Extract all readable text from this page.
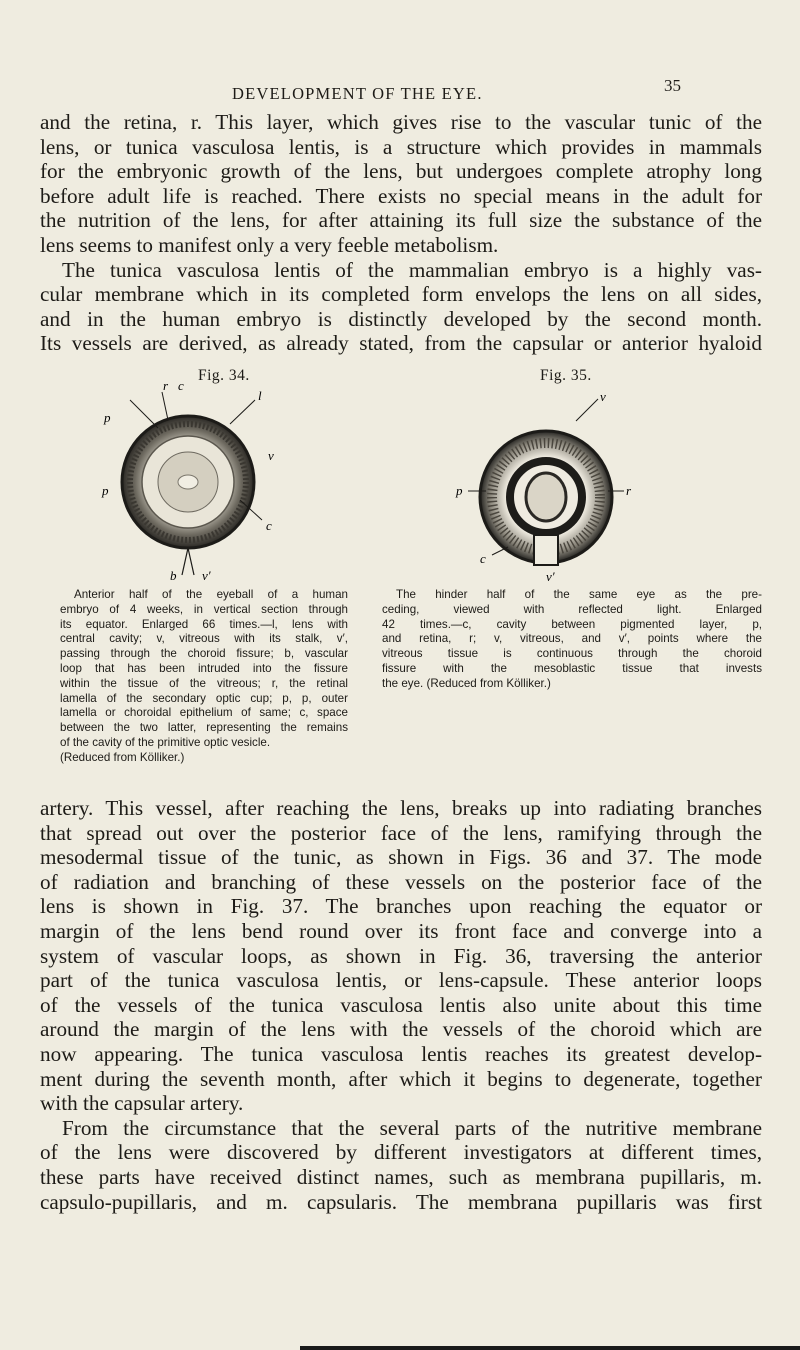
DEVELOPMENT OF THE EYE.	35
and the retina, r. This layer, which gives rise to the vascular tunic of the
lens, or tunica vasculosa lentis, is a structure which provides in mammals
for the embryonic growth of the lens, but undergoes complete atrophy long
before adult life is reached. There exists no special means in the adult for
the nutrition of the lens, for after attaining its full size the substance of the
lens seems to manifest only a very feeble metabolism.
The tunica vasculosa lentis of the mammalian embryo is a highly vas-
cular membrane which in its completed form envelops the lens on all sides,
and in the human embryo is distinctly developed by the second month.
Its vessels are derived, as already stated, from the capsular or anterior hyaloid
Fig. 34.	Fig. 35.
r c
l
p
v
p
c
b v′
v
p	r
c
v′
Anterior half of the eyeball of a human
embryo of 4 weeks, in vertical section through
its equator. Enlarged 66 times.—l, lens with
central cavity; v, vitreous with its stalk, v′,
passing through the choroid fissure; b, vascular
loop that has been intruded into the fissure
within the tissue of the vitreous; r, the retinal
lamella of the secondary optic cup; p, p, outer
lamella or choroidal epithelium of same; c, space
between the two latter, representing the remains
of the cavity of the primitive optic vesicle.
(Reduced from Kölliker.)
The hinder half of the same eye as the pre-
ceding, viewed with reflected light. Enlarged
42 times.—c, cavity between pigmented layer, p,
and retina, r; v, vitreous, and v′, points where the
vitreous tissue is continuous through the choroid
fissure with the mesoblastic tissue that invests
the eye. (Reduced from Kölliker.)
artery. This vessel, after reaching the lens, breaks up into radiating branches
that spread out over the posterior face of the lens, ramifying through the
mesodermal tissue of the tunic, as shown in Figs. 36 and 37. The mode
of radiation and branching of these vessels on the posterior face of the
lens is shown in Fig. 37. The branches upon reaching the equator or
margin of the lens bend round over its front face and converge into a
system of vascular loops, as shown in Fig. 36, traversing the anterior
part of the tunica vasculosa lentis, or lens-capsule. These anterior loops
of the vessels of the tunica vasculosa lentis also unite about this time
around the margin of the lens with the vessels of the choroid which are
now appearing. The tunica vasculosa lentis reaches its greatest develop-
ment during the seventh month, after which it begins to degenerate, together
with the capsular artery.
From the circumstance that the several parts of the nutritive membrane
of the lens were discovered by different investigators at different times,
these parts have received distinct names, such as membrana pupillaris, m.
capsulo-pupillaris, and m. capsularis. The membrana pupillaris was first
